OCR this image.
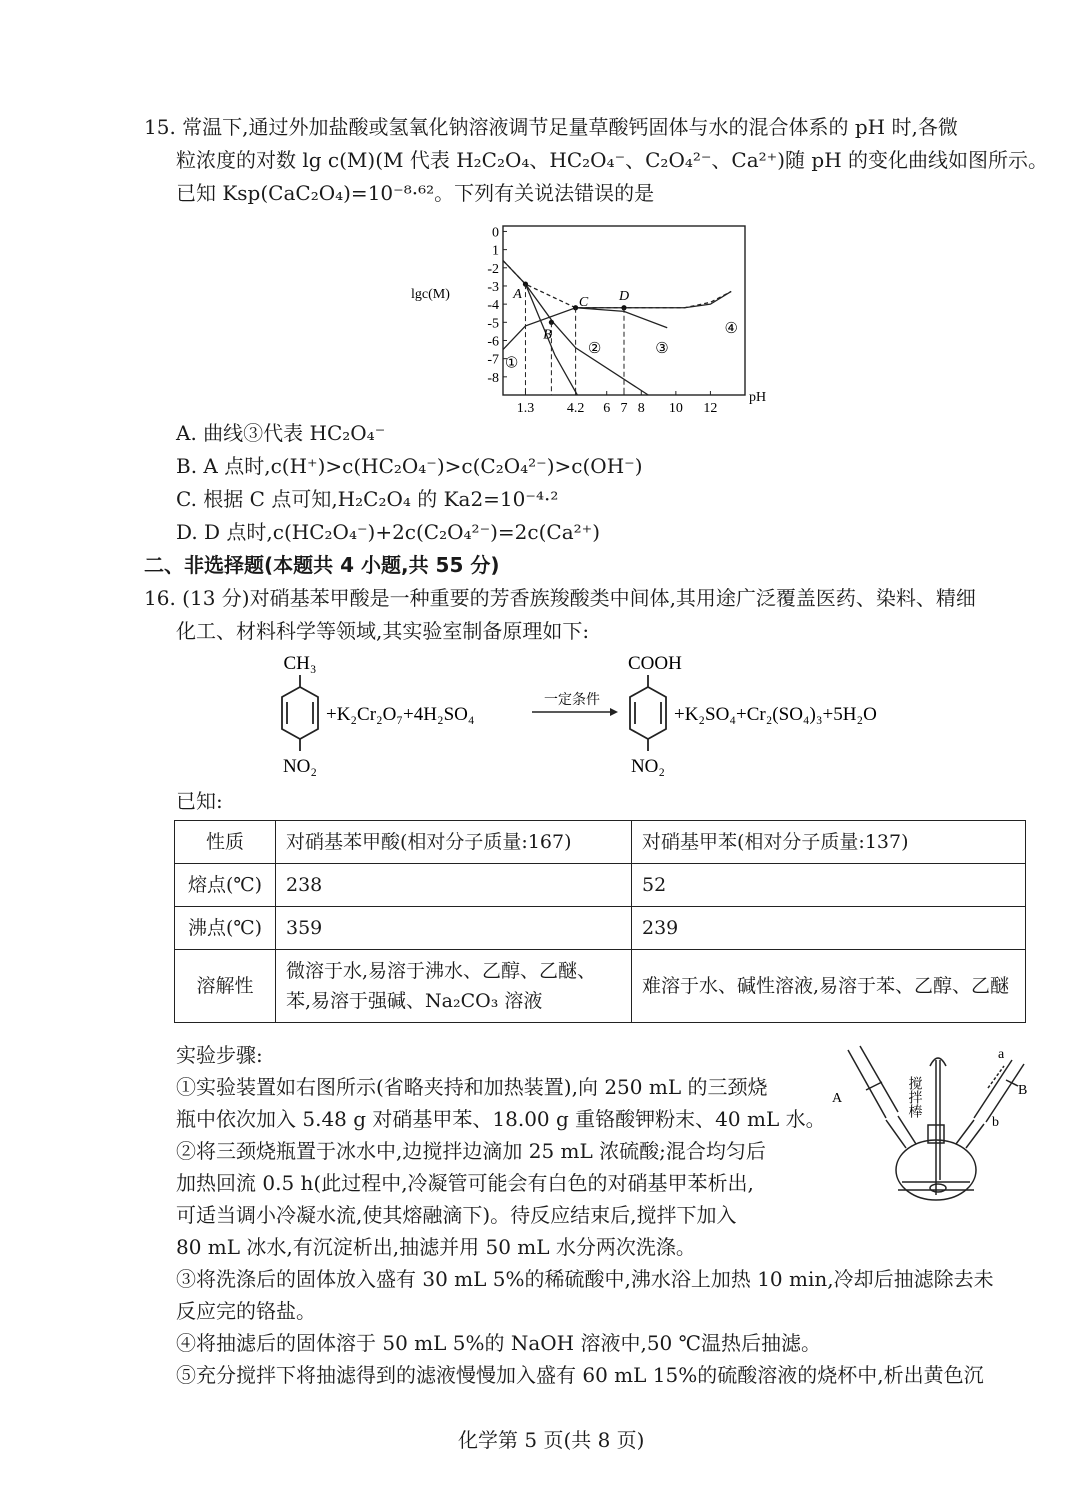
15. 常温下,通过外加盐酸或氢氧化钠溶液调节足量草酸钙固体与水的混合体系的 pH 时,各微
粒浓度的对数 lg c(M)(M 代表 H₂C₂O₄、HC₂O₄⁻、C₂O₄²⁻、Ca²⁺)随 pH 的变化曲线如图所示。
已知 Ksp(CaC₂O₄)=10⁻⁸·⁶²。下列有关说法错误的是
0
1
-2
-3
-4
-5
-6
-7
-8
1.3 4.2 6 7 8 10 12
pH
lgc(M)
①
②	③
④
A
B
C D
A. 曲线③代表 HC₂O₄⁻
B. A 点时,c(H⁺)>c(HC₂O₄⁻)>c(C₂O₄²⁻)>c(OH⁻)
C. 根据 C 点可知,H₂C₂O₄ 的 Ka2=10⁻⁴·²
D. D 点时,c(HC₂O₄⁻)+2c(C₂O₄²⁻)=2c(Ca²⁺)
二、非选择题(本题共 4 小题,共 55 分)
16. (13 分)对硝基苯甲酸是一种重要的芳香族羧酸类中间体,其用途广泛覆盖医药、染料、精细
化工、材料科学等领域,其实验室制备原理如下:
CH₃
NO₂
+K₂Cr₂O₇+4H₂SO₄
一定条件
COOH
NO₂
+K₂SO₄+Cr₂(SO₄)₃+5H₂O
已知:
性质	对硝基苯甲酸(相对分子质量:167)	对硝基甲苯(相对分子质量:137)
熔点(℃)	238	52
沸点(℃)	359	239
溶解性	微溶于水,易溶于沸水、乙醇、乙醚、苯,易溶于强碱、Na₂CO₃ 溶液	难溶于水、碱性溶液,易溶于苯、乙醇、乙醚
实验步骤:
①实验装置如右图所示(省略夹持和加热装置),向 250 mL 的三颈烧
瓶中依次加入 5.48 g 对硝基甲苯、18.00 g 重铬酸钾粉末、40 mL 水。
②将三颈烧瓶置于冰水中,边搅拌边滴加 25 mL 浓硫酸;混合均匀后
加热回流 0.5 h(此过程中,冷凝管可能会有白色的对硝基甲苯析出,
可适当调小冷凝水流,使其熔融滴下)。待反应结束后,搅拌下加入
80 mL 冰水,有沉淀析出,抽滤并用 50 mL 水分两次洗涤。
③将洗涤后的固体放入盛有 30 mL 5%的稀硫酸中,沸水浴上加热 10 min,冷却后抽滤除去未
反应完的铬盐。
④将抽滤后的固体溶于 50 mL 5%的 NaOH 溶液中,50 ℃温热后抽滤。
⑤充分搅拌下将抽滤得到的滤液慢慢加入盛有 60 mL 15%的硫酸溶液的烧杯中,析出黄色沉
A
B
a
b
搅拌棒
化学第 5 页(共 8 页)
